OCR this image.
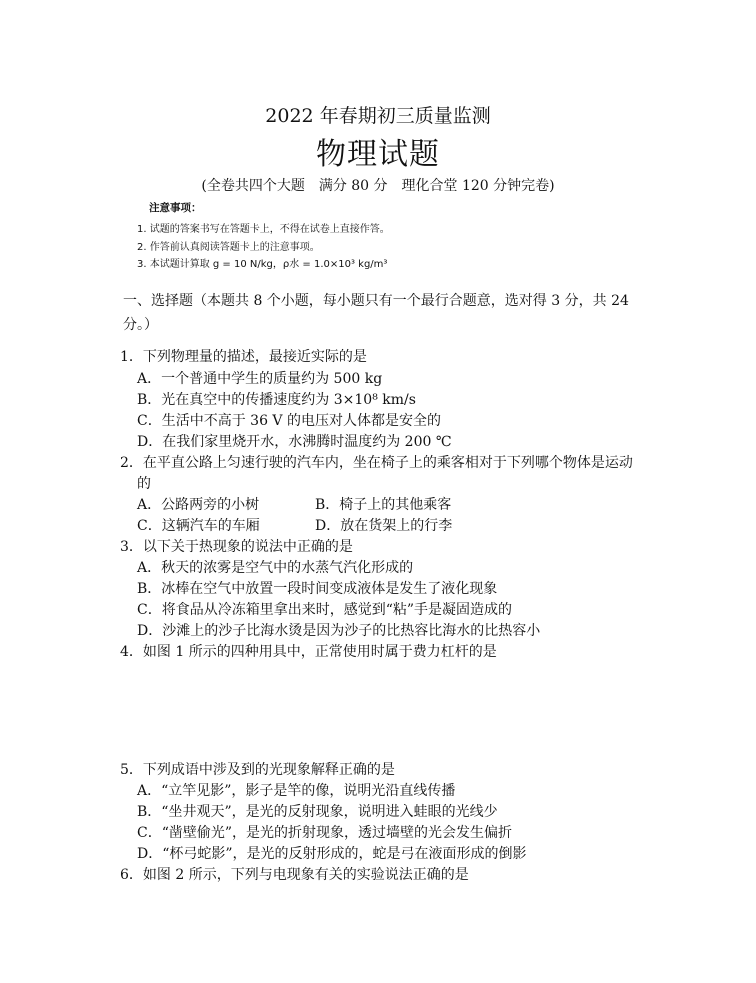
2022 年春期初三质量监测
物理试题
(全卷共四个大题　满分 80 分　理化合堂 120 分钟完卷)
注意事项：
1. 试题的答案书写在答题卡上，不得在试卷上直接作答。
2. 作答前认真阅读答题卡上的注意事项。
3. 本试题计算取 g = 10 N/kg，ρ水 = 1.0×10³ kg/m³
一、选择题（本题共 8 个小题，每小题只有一个最行合题意，选对得 3 分，共 24 分。）
1．下列物理量的描述，最接近实际的是
A．一个普通中学生的质量约为 500 kg
B．光在真空中的传播速度约为 3×10⁸ km/s
C．生活中不高于 36 V 的电压对人体都是安全的
D．在我们家里烧开水，水沸腾时温度约为 200 ℃
2．在平直公路上匀速行驶的汽车内，坐在椅子上的乘客相对于下列哪个物体是运动
的
A．公路两旁的小树	B．椅子上的其他乘客
C．这辆汽车的车厢	D．放在货架上的行李
3．以下关于热现象的说法中正确的是
A．秋天的浓雾是空气中的水蒸气汽化形成的
B．冰棒在空气中放置一段时间变成液体是发生了液化现象
C．将食品从冷冻箱里拿出来时，感觉到“粘”手是凝固造成的
D．沙滩上的沙子比海水烫是因为沙子的比热容比海水的比热容小
4．如图 1 所示的四种用具中，正常使用时属于费力杠杆的是
5．下列成语中涉及到的光现象解释正确的是
A．“立竿见影”，影子是竿的像，说明光沿直线传播
B．“坐井观天”，是光的反射现象，说明进入蛙眼的光线少
C．“凿壁偷光”，是光的折射现象，透过墙壁的光会发生偏折
D．“杯弓蛇影”，是光的反射形成的，蛇是弓在液面形成的倒影
6．如图 2 所示，下列与电现象有关的实验说法正确的是
